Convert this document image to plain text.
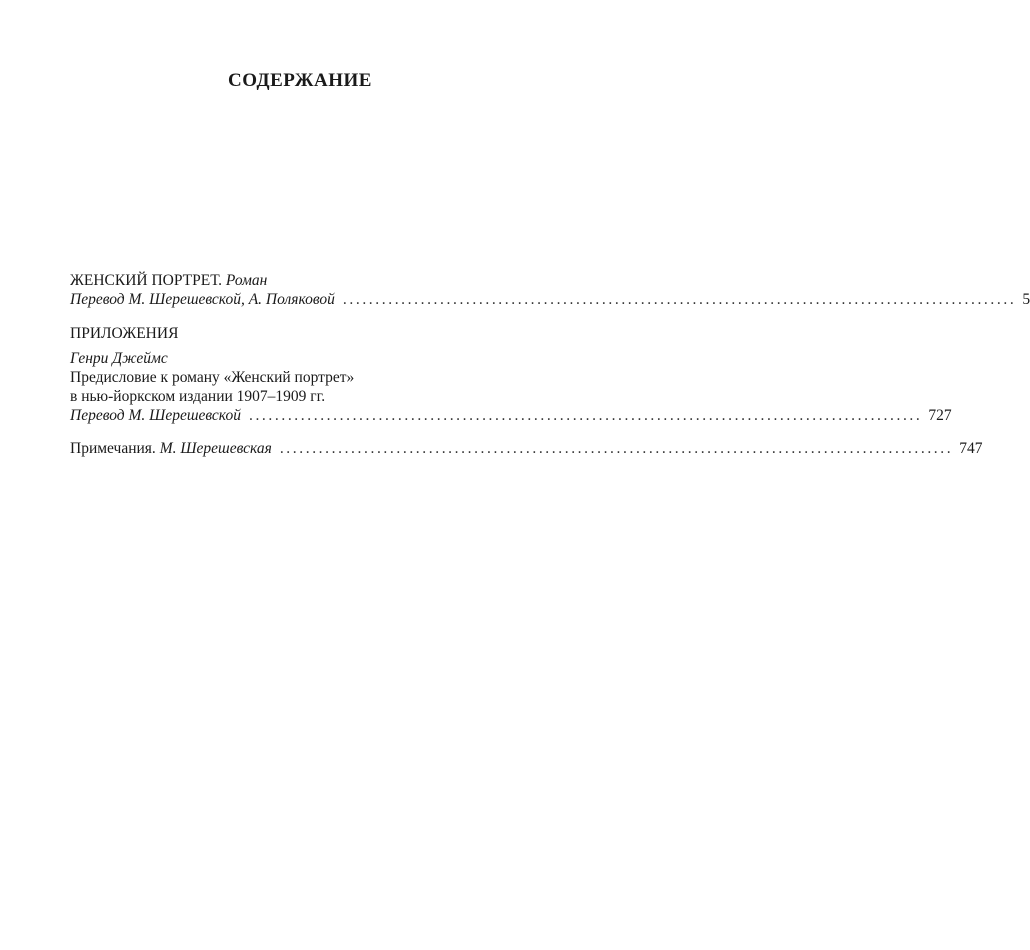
СОДЕРЖАНИЕ
ЖЕНСКИЙ ПОРТРЕТ. Роман
Перевод М. Шерешевской, А. Поляковой ........................................................................................................ 5
ПРИЛОЖЕНИЯ
Генри Джеймс
Предисловие к роману «Женский портрет»
в нью-йоркском издании 1907–1909 гг.
Перевод М. Шерешевской ........................................................................................................ 727
Примечания. М. Шерешевская ........................................................................................................ 747
